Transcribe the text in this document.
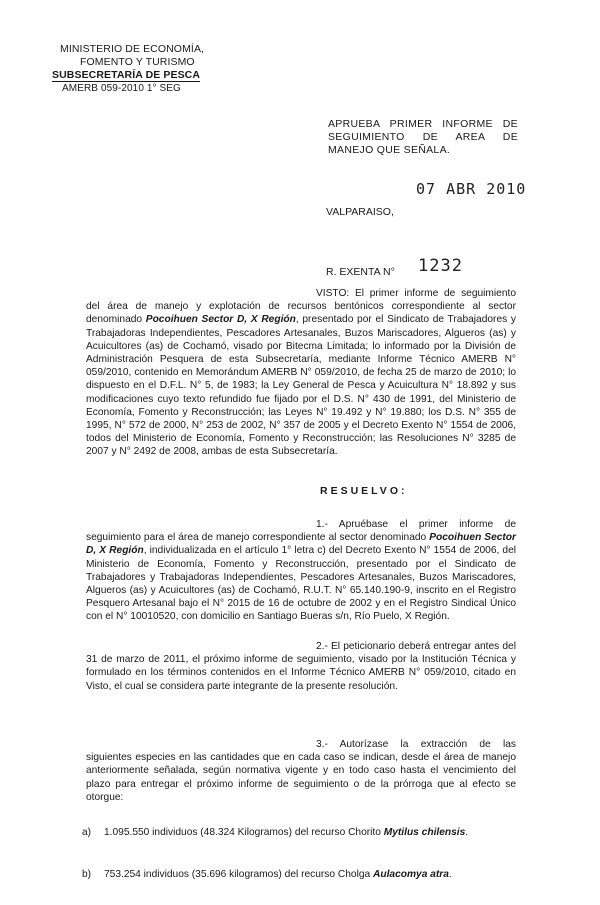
MINISTERIO DE ECONOMÍA,
FOMENTO Y TURISMO
SUBSECRETARÍA DE PESCA
AMERB 059-2010 1° SEG
APRUEBA PRIMER INFORME DE SEGUIMIENTO DE AREA DE MANEJO QUE SEÑALA.
07 ABR 2010
VALPARAISO,
R. EXENTA N° 1232
VISTO: El primer informe de seguimiento del área de manejo y explotación de recursos bentónicos correspondiente al sector denominado Pocoihuen Sector D, X Región, presentado por el Sindicato de Trabajadores y Trabajadoras Independientes, Pescadores Artesanales, Buzos Mariscadores, Algueros (as) y Acuicultores (as) de Cochamó, visado por Bitecma Limitada; lo informado por la División de Administración Pesquera de esta Subsecretaría, mediante Informe Técnico AMERB N° 059/2010, contenido en Memorándum AMERB N° 059/2010, de fecha 25 de marzo de 2010; lo dispuesto en el D.F.L. N° 5, de 1983; la Ley General de Pesca y Acuicultura N° 18.892 y sus modificaciones cuyo texto refundido fue fijado por el D.S. N° 430 de 1991, del Ministerio de Economía, Fomento y Reconstrucción; las Leyes N° 19.492 y N° 19.880; los D.S. N° 355 de 1995, N° 572 de 2000, N° 253 de 2002, N° 357 de 2005 y el Decreto Exento N° 1554 de 2006, todos del Ministerio de Economía, Fomento y Reconstrucción; las Resoluciones N° 3285 de 2007 y N° 2492 de 2008, ambas de esta Subsecretaría.
RESUELVO:
1.- Apruébase el primer informe de seguimiento para el área de manejo correspondiente al sector denominado Pocoihuen Sector D, X Región, individualizada en el artículo 1° letra c) del Decreto Exento N° 1554 de 2006, del Ministerio de Economía, Fomento y Reconstrucción, presentado por el Sindicato de Trabajadores y Trabajadoras Independientes, Pescadores Artesanales, Buzos Mariscadores, Algueros (as) y Acuicultores (as) de Cochamó, R.U.T. N° 65.140.190-9, inscrito en el Registro Pesquero Artesanal bajo el N° 2015 de 16 de octubre de 2002 y en el Registro Sindical Único con el N° 10010520, con domicilio en Santiago Bueras s/n, Río Puelo, X Región.
2.- El peticionario deberá entregar antes del 31 de marzo de 2011, el próximo informe de seguimiento, visado por la Institución Técnica y formulado en los términos contenidos en el Informe Técnico AMERB N° 059/2010, citado en Visto, el cual se considera parte integrante de la presente resolución.
3.- Autorízase la extracción de las siguientes especies en las cantidades que en cada caso se indican, desde el área de manejo anteriormente señalada, según normativa vigente y en todo caso hasta el vencimiento del plazo para entregar el próximo informe de seguimiento o de la prórroga que al efecto se otorgue:
a) 1.095.550 individuos (48.324 Kilogramos) del recurso Chorito Mytilus chilensis.
b) 753.254 individuos (35.696 kilogramos) del recurso Cholga Aulacomya atra.
